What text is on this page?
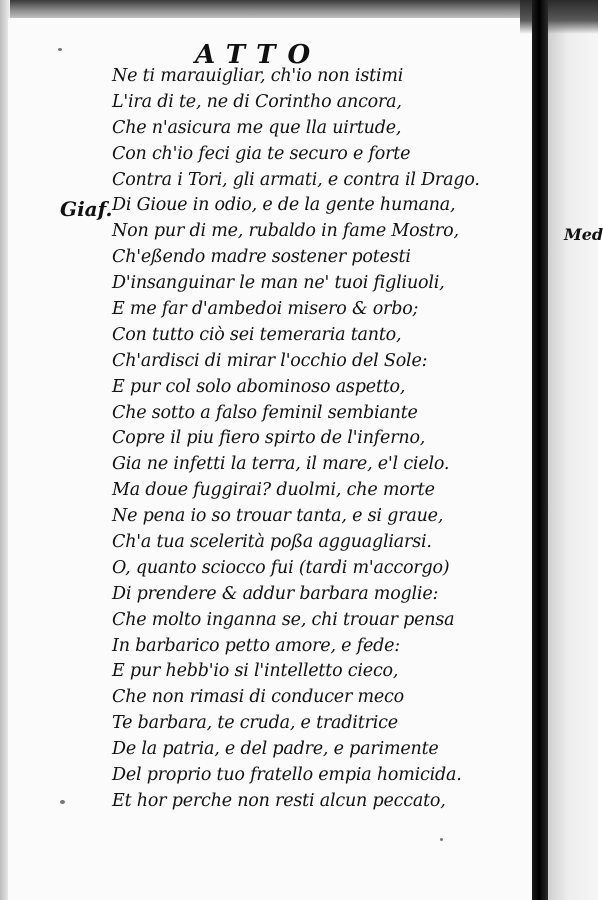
ATTO
Giaf.
Med
Ne ti marauigliar, ch'io non istimi
L'ira di te, ne di Corintho ancora,
Che n'asicura me que lla uirtude,
Con ch'io feci gia te securo e forte
Contra i Tori, gli armati, e contra il Drago.
Di Gioue in odio, e de la gente humana,
Non pur di me, rubaldo in fame Mostro,
Ch'eßendo madre sostener potesti
D'insanguinar le man ne' tuoi figliuoli,
E me far d'ambedoi misero & orbo;
Con tutto ciò sei temeraria tanto,
Ch'ardisci di mirar l'occhio del Sole:
E pur col solo abominoso aspetto,
Che sotto a falso feminil sembiante
Copre il piu fiero spirto de l'inferno,
Gia ne infetti la terra, il mare, e'l cielo.
Ma doue fuggirai? duolmi, che morte
Ne pena io so trouar tanta, e si graue,
Ch'a tua scelerità poßa agguagliarsi.
O, quanto sciocco fui (tardi m'accorgo)
Di prendere & addur barbara moglie:
Che molto inganna se, chi trouar pensa
In barbarico petto amore, e fede:
E pur hebb'io si l'intelletto cieco,
Che non rimasi di conducer meco
Te barbara, te cruda, e traditrice
De la patria, e del padre, e parimente
Del proprio tuo fratello empia homicida.
Et hor perche non resti alcun peccato,
